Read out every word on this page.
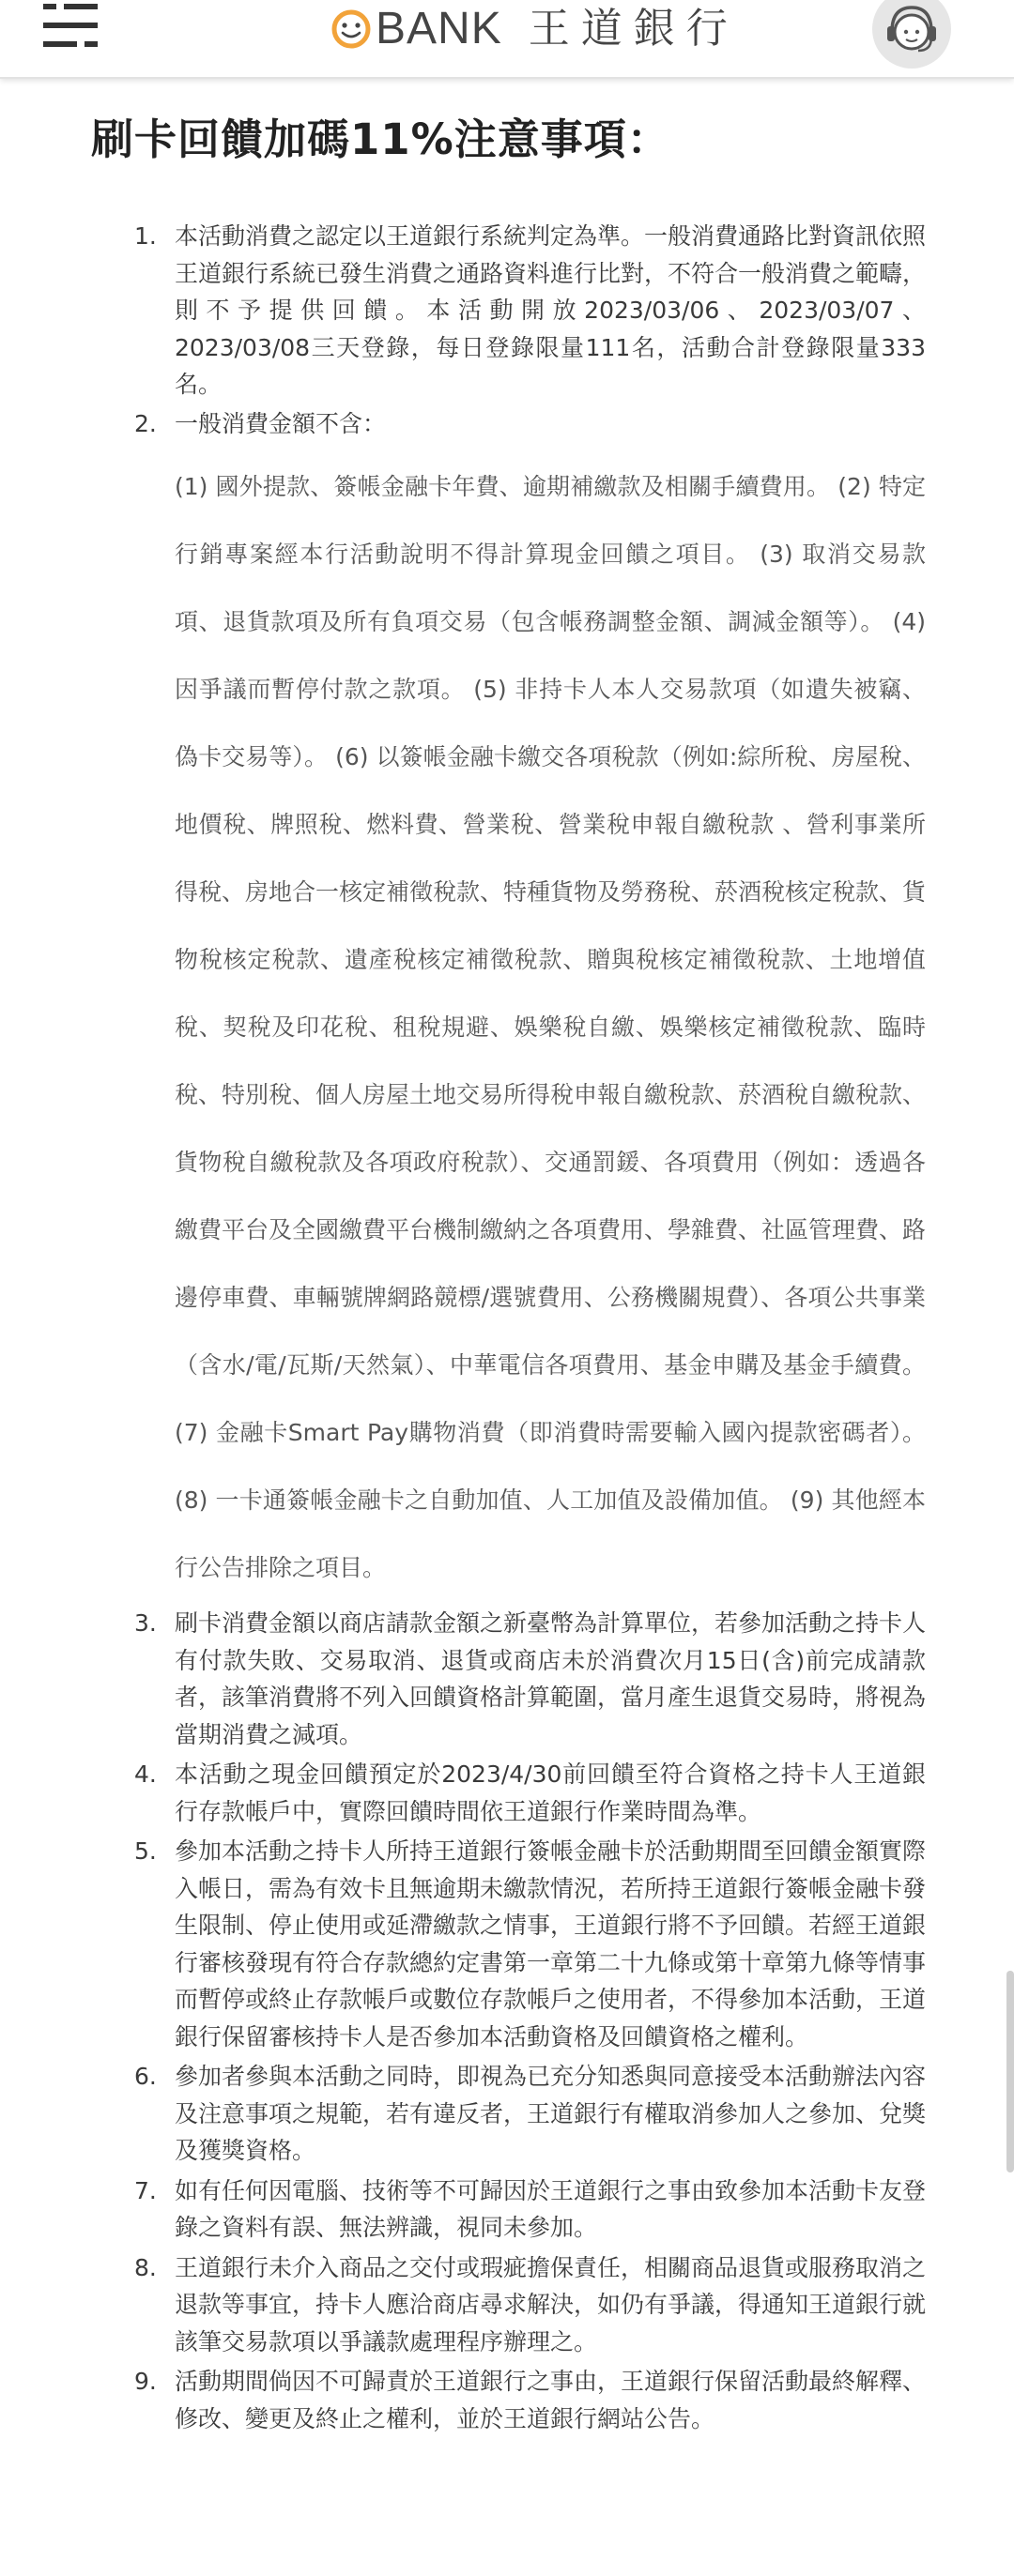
BANK 王道銀行
刷卡回饋加碼11%注意事項：
1. 本活動消費之認定以王道銀行系統判定為準。一般消費通路比對資訊依照王道銀行系統已發生消費之通路資料進行比對，不符合一般消費之範疇，則不予提供回饋。本活動開放2023/03/06、2023/03/07、2023/03/08三天登錄，每日登錄限量111名，活動合計登錄限量333名。
2. 一般消費金額不含：
(1) 國外提款、簽帳金融卡年費、逾期補繳款及相關手續費用。 (2) 特定行銷專案經本行活動說明不得計算現金回饋之項目。 (3) 取消交易款項、退貨款項及所有負項交易（包含帳務調整金額、調減金額等）。 (4) 因爭議而暫停付款之款項。 (5) 非持卡人本人交易款項（如遺失被竊、偽卡交易等）。 (6) 以簽帳金融卡繳交各項稅款（例如:綜所稅、房屋稅、地價稅、牌照稅、燃料費、營業稅、營業稅申報自繳稅款 、營利事業所得稅、房地合一核定補徵稅款、特種貨物及勞務稅、菸酒稅核定稅款、貨物稅核定稅款、遺產稅核定補徵稅款、贈與稅核定補徵稅款、土地增值稅、契稅及印花稅、租稅規避、娛樂稅自繳、娛樂核定補徵稅款、臨時稅、特別稅、個人房屋土地交易所得稅申報自繳稅款、菸酒稅自繳稅款、貨物稅自繳稅款及各項政府稅款）、交通罰鍰、各項費用（例如：透過各繳費平台及全國繳費平台機制繳納之各項費用、學雜費、社區管理費、路邊停車費、車輛號牌網路競標/選號費用、公務機關規費）、各項公共事業（含水/電/瓦斯/天然氣）、中華電信各項費用、基金申購及基金手續費。 (7) 金融卡Smart Pay購物消費（即消費時需要輸入國內提款密碼者）。 (8) 一卡通簽帳金融卡之自動加值、人工加值及設備加值。 (9) 其他經本行公告排除之項目。
3. 刷卡消費金額以商店請款金額之新臺幣為計算單位，若參加活動之持卡人有付款失敗、交易取消、退貨或商店未於消費次月15日(含)前完成請款者，該筆消費將不列入回饋資格計算範圍，當月產生退貨交易時，將視為當期消費之減項。
4. 本活動之現金回饋預定於2023/4/30前回饋至符合資格之持卡人王道銀行存款帳戶中，實際回饋時間依王道銀行作業時間為準。
5. 參加本活動之持卡人所持王道銀行簽帳金融卡於活動期間至回饋金額實際入帳日，需為有效卡且無逾期未繳款情況，若所持王道銀行簽帳金融卡發生限制、停止使用或延滯繳款之情事，王道銀行將不予回饋。若經王道銀行審核發現有符合存款總約定書第一章第二十九條或第十章第九條等情事而暫停或終止存款帳戶或數位存款帳戶之使用者，不得參加本活動，王道銀行保留審核持卡人是否參加本活動資格及回饋資格之權利。
6. 參加者參與本活動之同時，即視為已充分知悉與同意接受本活動辦法內容及注意事項之規範，若有違反者，王道銀行有權取消參加人之參加、兌獎及獲獎資格。
7. 如有任何因電腦、技術等不可歸因於王道銀行之事由致參加本活動卡友登錄之資料有誤、無法辨識，視同未參加。
8. 王道銀行未介入商品之交付或瑕疵擔保責任，相關商品退貨或服務取消之退款等事宜，持卡人應洽商店尋求解決，如仍有爭議，得通知王道銀行就該筆交易款項以爭議款處理程序辦理之。
9. 活動期間倘因不可歸責於王道銀行之事由，王道銀行保留活動最終解釋、修改、變更及終止之權利，並於王道銀行網站公告。
